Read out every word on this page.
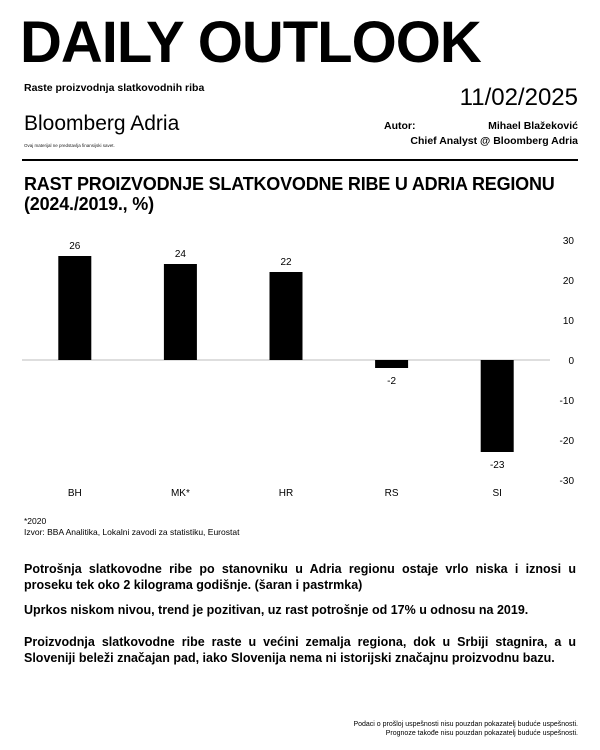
DAILY OUTLOOK
Raste proizvodnja slatkovodnih riba
Bloomberg Adria
Ovaj materijal ne predstavlja finansijski savet.
11/02/2025
Autor:	Mihael Blažeković
Chief Analyst @ Bloomberg Adria
RAST PROIZVODNJE SLATKOVODNE RIBE U ADRIA REGIONU (2024./2019., %)
30
20
10
0
-10
-20
-30
26
BH
24
MK*
22
HR
-2
RS
-23
SI
*2020
Izvor: BBA Analitika, Lokalni zavodi za statistiku, Eurostat
Potrošnja slatkovodne ribe po stanovniku u Adria regionu ostaje vrlo niska i iznosi u proseku tek oko 2 kilograma godišnje. (šaran i pastrmka)
Uprkos niskom nivou, trend je pozitivan, uz rast potrošnje od 17% u odnosu na 2019.
Proizvodnja slatkovodne ribe raste u većini zemalja regiona, dok u Srbiji stagnira, a u Sloveniji beleži značajan pad, iako Slovenija nema ni istorijski značajnu proizvodnu bazu.
Podaci o prošloj uspešnosti nisu pouzdan pokazatelj buduće uspešnosti.
Prognoze takođe nisu pouzdan pokazatelj buduće uspešnosti.
